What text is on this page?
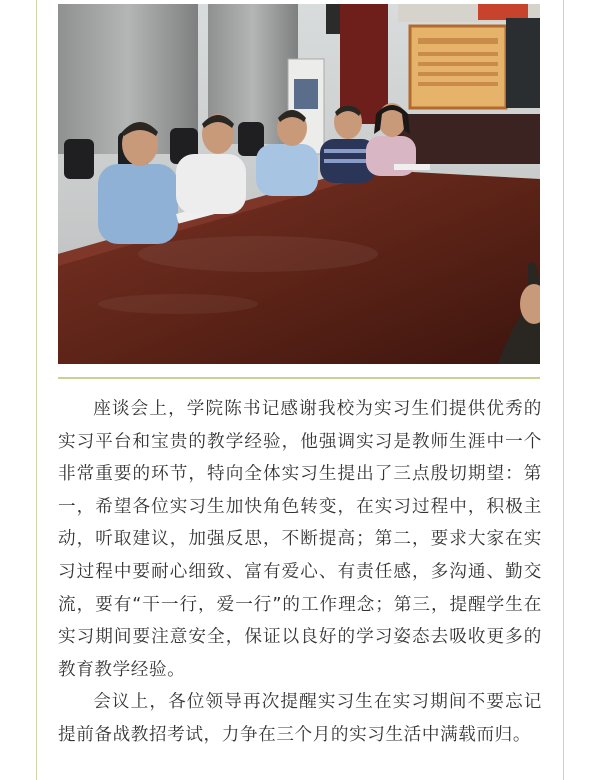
座谈会上，学院陈书记感谢我校为实习生们提供优秀的实习平台和宝贵的教学经验，他强调实习是教师生涯中一个非常重要的环节，特向全体实习生提出了三点殷切期望：第一，希望各位实习生加快角色转变，在实习过程中，积极主动，听取建议，加强反思，不断提高；第二，要求大家在实习过程中要耐心细致、富有爱心、有责任感，多沟通、勤交流，要有“干一行，爱一行”的工作理念；第三，提醒学生在实习期间要注意安全，保证以良好的学习姿态去吸收更多的教育教学经验。

会议上，各位领导再次提醒实习生在实习期间不要忘记提前备战教招考试，力争在三个月的实习生活中满载而归。
